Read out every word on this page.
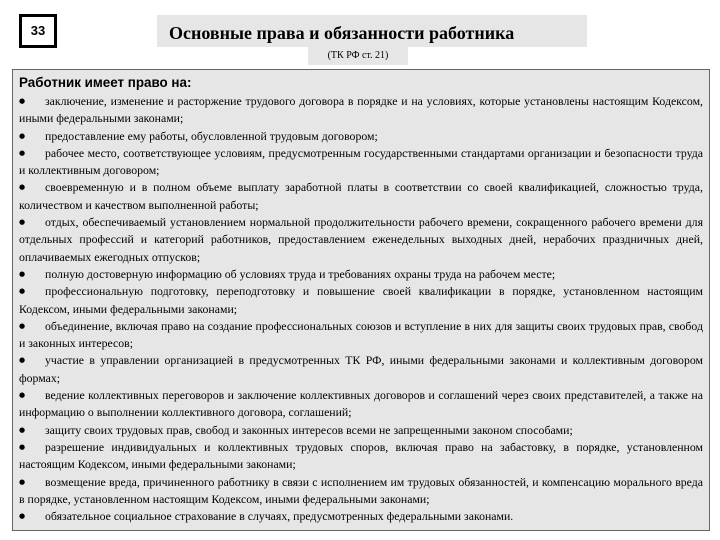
33	Основные права и обязанности работника
(ТК РФ ст. 21)
Работник имеет право на:
● заключение, изменение и расторжение трудового договора в порядке и на условиях, которые установлены настоящим Кодексом, иными федеральными законами;
● предоставление ему работы, обусловленной трудовым договором;
● рабочее место, соответствующее условиям, предусмотренным государственными стандартами организации и безопасности труда и коллективным договором;
● своевременную и в полном объеме выплату заработной платы в соответствии со своей квалификацией, сложностью труда, количеством и качеством выполненной работы;
● отдых, обеспечиваемый установлением нормальной продолжительности рабочего времени, сокращенного рабочего времени для отдельных профессий и категорий работников, предоставлением еженедельных выходных дней, нерабочих праздничных дней, оплачиваемых ежегодных отпусков;
● полную достоверную информацию об условиях труда и требованиях охраны труда на рабочем месте;
● профессиональную подготовку, переподготовку и повышение своей квалификации в порядке, установленном настоящим Кодексом, иными федеральными законами;
● объединение, включая право на создание профессиональных союзов и вступление в них для защиты своих трудовых прав, свобод и законных интересов;
● участие в управлении организацией в предусмотренных ТК РФ, иными федеральными законами и коллективным договором формах;
● ведение коллективных переговоров и заключение коллективных договоров и соглашений через своих представителей, а также на информацию о выполнении коллективного договора, соглашений;
● защиту своих трудовых прав, свобод и законных интересов всеми не запрещенными законом способами;
● разрешение индивидуальных и коллективных трудовых споров, включая право на забастовку, в порядке, установленном настоящим Кодексом, иными федеральными законами;
● возмещение вреда, причиненного работнику в связи с исполнением им трудовых обязанностей, и компенсацию морального вреда в порядке, установленном настоящим Кодексом, иными федеральными законами;
● обязательное социальное страхование в случаях, предусмотренных федеральными законами.
